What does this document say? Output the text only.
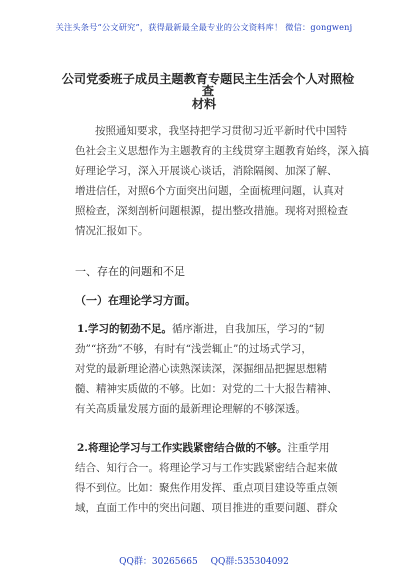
关注头条号“公文研究”，获得最新最全最专业的公文资料库！ 微信：gongwenj
公司党委班子成员主题教育专题民主生活会个人对照检查
材料
按照通知要求，我坚持把学习贯彻习近平新时代中国特
色社会主义思想作为主题教育的主线贯穿主题教育始终，深入搞
好理论学习，深入开展谈心谈话，消除隔阂、加深了解、
增进信任，对照6个方面突出问题，全面梳理问题，认真对
照检查，深刻剖析问题根源，提出整改措施。现将对照检查
情况汇报如下。
一、存在的问题和不足
（一）在理论学习方面。
1.学习的韧劲不足。循序渐进，自我加压，学习的“韧
劲”“挤劲”不够，有时有“浅尝辄止”的过场式学习，
对党的最新理论潜心读熟深读深，深掘细品把握思想精
髓、精神实质做的不够。比如：对党的二十大报告精神、
有关高质量发展方面的最新理论理解的不够深透。
2.将理论学习与工作实践紧密结合做的不够。注重学用
结合、知行合一。将理论学习与工作实践紧密结合起来做
得不到位。比如：聚焦作用发挥、重点项目建设等重点领
域，直面工作中的突出问题、项目推进的重要问题、群众
QQ群：30265665 QQ群:535304092
